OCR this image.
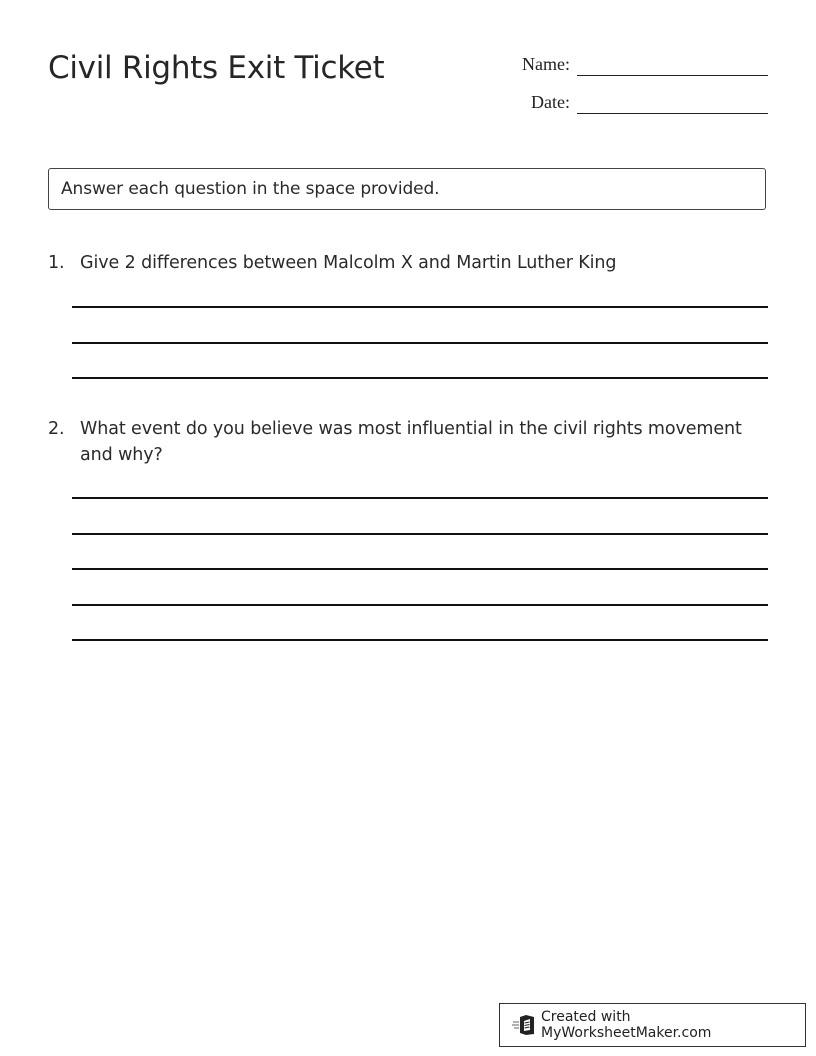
Civil Rights Exit Ticket	Name:
Date:
Answer each question in the space provided.
1. Give 2 differences between Malcolm X and Martin Luther King
2. What event do you believe was most influential in the civil rights movement and why?
Created with MyWorksheetMaker.com
